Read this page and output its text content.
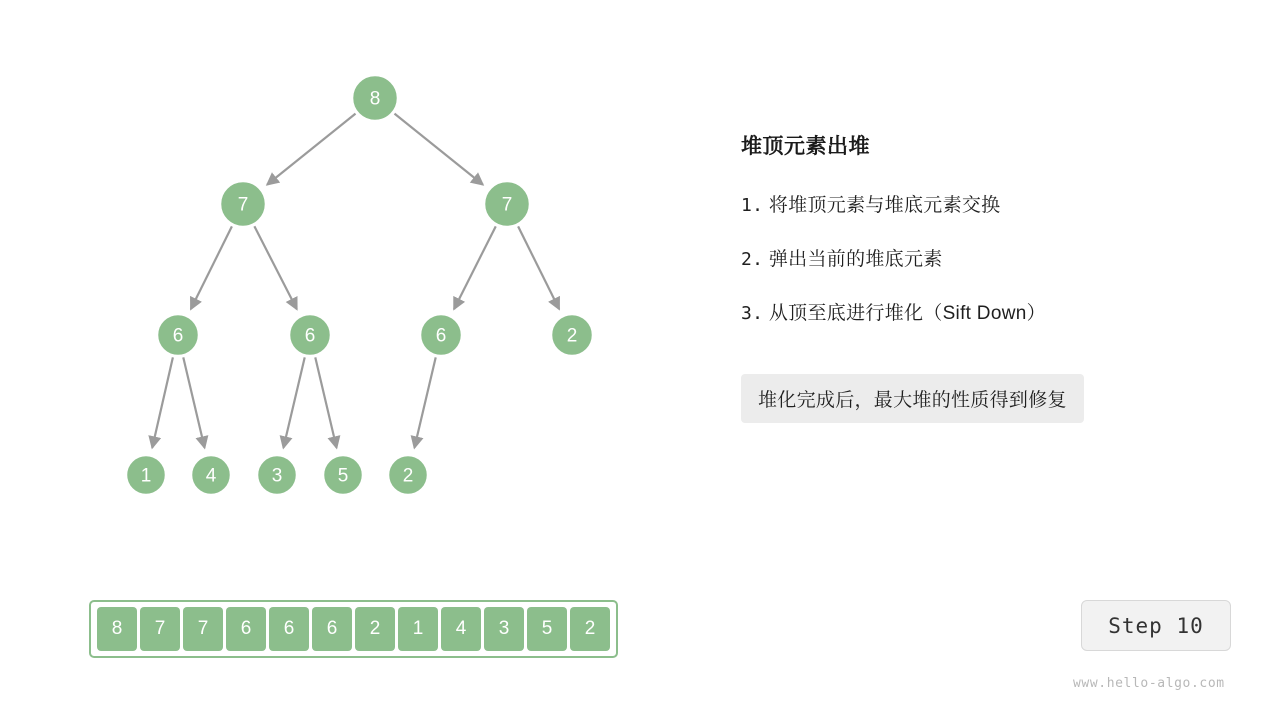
8
7	7
6	6	6	2
1	4	3	5	2
堆顶元素出堆
1. 将堆顶元素与堆底元素交换
2. 弹出当前的堆底元素
3. 从顶至底进行堆化（Sift Down）
堆化完成后，最大堆的性质得到修复
8	7	7	6	6	6	2	1	4	3	5	2	Step 10
www.hello-algo.com
